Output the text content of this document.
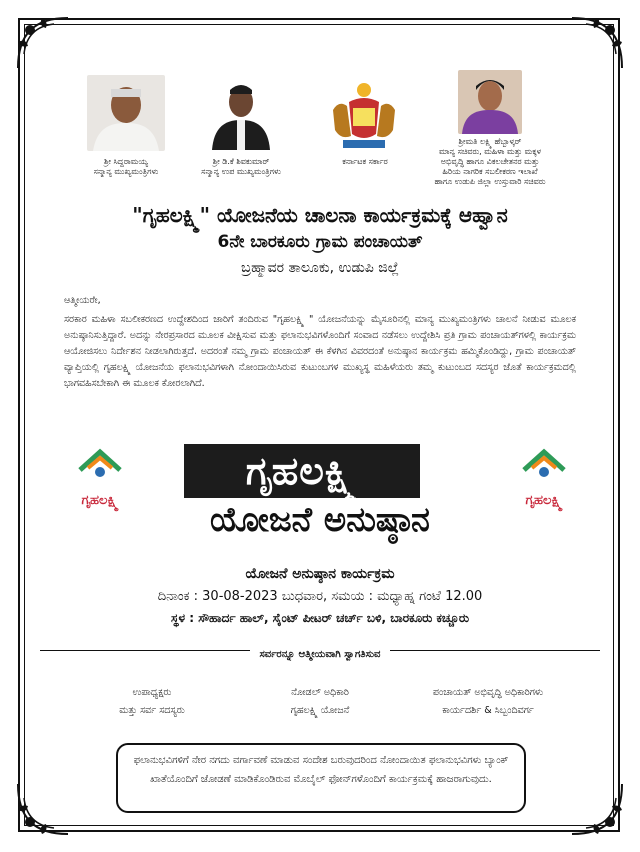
ಶ್ರೀ ಸಿದ್ದರಾಮಯ್ಯ
ಸನ್ಮಾನ್ಯ ಮುಖ್ಯಮಂತ್ರಿಗಳು
ಶ್ರೀ ಡಿ.ಕೆ ಶಿವಕುಮಾರ್
ಸನ್ಮಾನ್ಯ ಉಪ ಮುಖ್ಯಮಂತ್ರಿಗಳು
ಕರ್ನಾಟಕ ಸರ್ಕಾರ
ಶ್ರೀಮತಿ ಲಕ್ಷ್ಮಿ ಹೆಬ್ಬಾಳ್ಕರ್
ಮಾನ್ಯ ಸಚಿವರು, ಮಹಿಳಾ ಮತ್ತು ಮಕ್ಕಳ
ಅಭಿವೃದ್ಧಿ ಹಾಗೂ ವಿಕಲಚೇತನರ ಮತ್ತು
ಹಿರಿಯ ನಾಗರಿಕ ಸಬಲೀಕರಣ ಇಲಾಖೆ
ಹಾಗೂ ಉಡುಪಿ ಜಿಲ್ಲಾ ಉಸ್ತುವಾರಿ ಸಚಿವರು
"ಗೃಹಲಕ್ಷ್ಮಿ" ಯೋಜನೆಯ ಚಾಲನಾ ಕಾರ್ಯಕ್ರಮಕ್ಕೆ ಆಹ್ವಾನ
6ನೇ ಬಾರಕೂರು ಗ್ರಾಮ ಪಂಚಾಯತ್
ಬ್ರಹ್ಮಾವರ ತಾಲೂಕು, ಉಡುಪಿ ಜಿಲ್ಲೆ
ಆತ್ಮೀಯರೇ,
ಸರಕಾರ ಮಹಿಳಾ ಸಬಲೀಕರಣದ ಉದ್ದೇಶದಿಂದ ಜಾರಿಗೆ ತಂದಿರುವ "ಗೃಹಲಕ್ಷ್ಮಿ " ಯೋಜನೆಯನ್ನು ಮೈಸೂರಿನಲ್ಲಿ ಮಾನ್ಯ ಮುಖ್ಯಮಂತ್ರಿಗಳು ಚಾಲನೆ ನೀಡುವ ಮೂಲಕ ಅನುಷ್ಠಾನಿಸುತ್ತಿದ್ದಾರೆ. ಅದನ್ನು ನೇರಪ್ರಸಾರದ ಮೂಲಕ ವೀಕ್ಷಿಸುವ ಮತ್ತು ಫಲಾನುಭವಿಗಳೊಂದಿಗೆ ಸಂವಾದ ನಡೆಸಲು ಉದ್ದೇಶಿಸಿ ಪ್ರತಿ ಗ್ರಾಮ ಪಂಚಾಯತ್‌ಗಳಲ್ಲಿ ಕಾರ್ಯಕ್ರಮ ಆಯೋಜಿಸಲು ನಿರ್ದೇಶನ ನೀಡಲಾಗಿರುತ್ತದೆ. ಅದರಂತೆ ನಮ್ಮ ಗ್ರಾಮ ಪಂಚಾಯತ್ ಈ ಕೆಳಗಿನ ವಿವರದಂತೆ ಅನುಷ್ಠಾನ ಕಾರ್ಯಕ್ರಮ ಹಮ್ಮಿಕೊಂಡಿದ್ದು, ಗ್ರಾಮ ಪಂಚಾಯತ್ ವ್ಯಾಪ್ತಿಯಲ್ಲಿ ಗೃಹಲಕ್ಷ್ಮಿ ಯೋಜನೆಯ ಫಲಾನುಭವಿಗಳಾಗಿ ನೋಂದಾಯಿಸಿರುವ ಕುಟುಂಬಗಳ ಮುಖ್ಯಸ್ಥ ಮಹಿಳೆಯರು ತಮ್ಮ ಕುಟುಂಬದ ಸದಸ್ಯರ ಜೊತೆ ಕಾರ್ಯಕ್ರಮದಲ್ಲಿ ಭಾಗವಹಿಸಬೇಕಾಗಿ ಈ ಮೂಲಕ ಕೋರಲಾಗಿದೆ.
ಗೃಹಲಕ್ಷ್ಮಿ	ಗೃಹಲಕ್ಷ್ಮಿ
ಗೃಹಲಕ್ಷ್ಮಿ
ಯೋಜನೆ ಅನುಷ್ಠಾನ
ಯೋಜನೆ ಅನುಷ್ಠಾನ ಕಾರ್ಯಕ್ರಮ
ದಿನಾಂಕ : 30-08-2023 ಬುಧವಾರ, ಸಮಯ : ಮಧ್ಯಾಹ್ನ ಗಂಟೆ 12.00
ಸ್ಥಳ : ಸೌಹಾರ್ದ ಹಾಲ್, ಸೈಂಟ್ ಪೀಟರ್ ಚರ್ಚ್ ಬಳಿ, ಬಾರಕೂರು ಕಚ್ಚೂರು
ಸರ್ವರನ್ನೂ ಆತ್ಮೀಯವಾಗಿ ಸ್ವಾಗತಿಸುವ
ಉಪಾಧ್ಯಕ್ಷರು
ಮತ್ತು ಸರ್ವ ಸದಸ್ಯರು
ನೋಡಲ್ ಅಧಿಕಾರಿ
ಗೃಹಲಕ್ಷ್ಮಿ ಯೋಜನೆ
ಪಂಚಾಯತ್ ಅಭಿವೃದ್ಧಿ ಅಧಿಕಾರಿಗಳು
ಕಾರ್ಯದರ್ಶಿ & ಸಿಬ್ಬಂದಿವರ್ಗ
ಫಲಾನುಭವಿಗಳಿಗೆ ನೇರ ನಗದು ವರ್ಗಾವಣೆ ಮಾಡುವ ಸಂದೇಶ ಬರುವುದರಿಂದ ನೋಂದಾಯಿತ ಫಲಾನುಭವಿಗಳು ಬ್ಯಾಂಕ್ ಖಾತೆಯೊಂದಿಗೆ ಜೋಡಣೆ ಮಾಡಿಕೊಂಡಿರುವ ಮೊಬೈಲ್ ಫೋನ್‌ಗಳೊಂದಿಗೆ ಕಾರ್ಯಕ್ರಮಕ್ಕೆ ಹಾಜರಾಗುವುದು.
